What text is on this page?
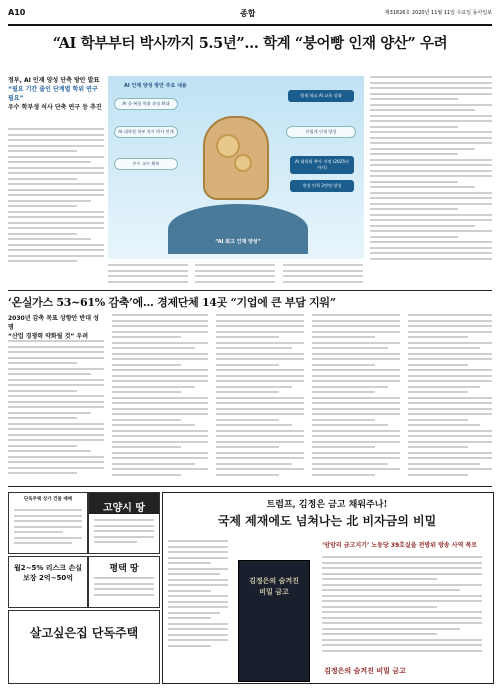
A10	종합	제31826호 2020년 11월 11일 수요일 동아일보
“AI 학부부터 박사까지 5.5년”… 학계 “붕어빵 인재 양산” 우려
정부, AI 인재 양성 단축 방안 발표
“필요 기간 줄인 단계별 학위 연구 필요”
우수 학부생 석사 단축 연구 등 추진
AI 인재 양성 방안 주요 내용
AI 융·복합 학위 과정 확대
AI 대학원 학부 석사 박사 연계
우수 교수 확보
산업계 인재 양성
영재 학교 AI 교육 강화
AI 대학원 추가 지정 (2025년까지)
현장 인력 2만명 양성
“AI 최고 인재 양성”
‘온실가스 53~61% 감축’에… 경제단체 14곳 “기업에 큰 부담 지워”
2030년 감축 목표 상향안 반대 성명
“산업 경쟁력 약화될 것” 우려
단독주택 상가 건물 매매
월2~5% 리스크 손실보장 2억~50억
고양시 땅
평택 땅
살고싶은집 단독주택
트럼프, 김정은 금고 채워주나!
국제 제재에도 넘쳐나는 北 비자금의 비밀
‘암암리 금고지기’ 노동당 39호실을 전방위 방송 사역 폭로
김정은의 숨겨진 비밀 금고
김정은의 숨겨진 비밀 금고
